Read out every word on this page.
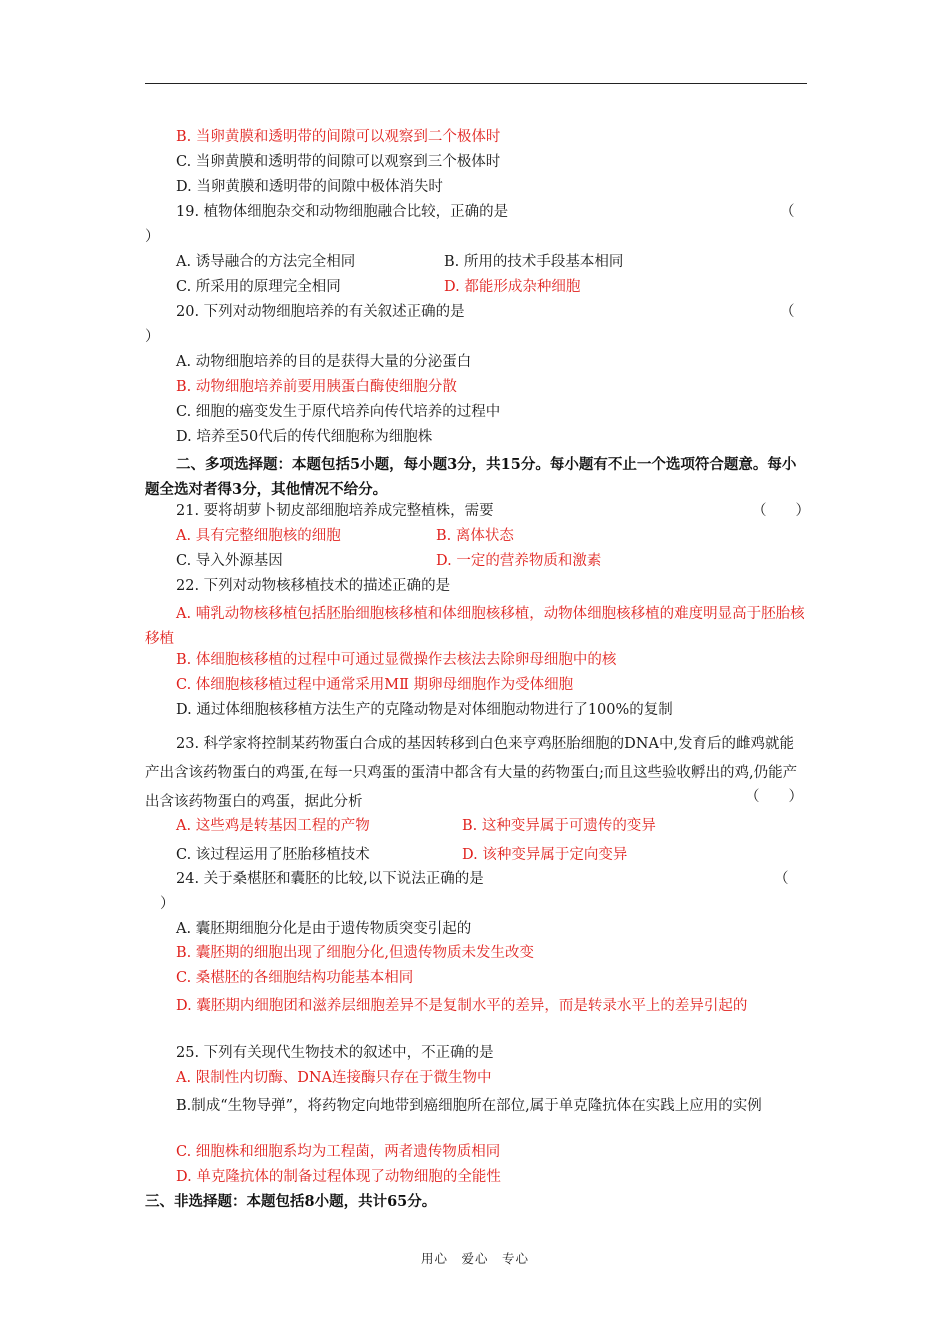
B. 当卵黄膜和透明带的间隙可以观察到二个极体时
C. 当卵黄膜和透明带的间隙可以观察到三个极体时
D. 当卵黄膜和透明带的间隙中极体消失时
19. 植物体细胞杂交和动物细胞融合比较，正确的是	（
）
A. 诱导融合的方法完全相同	B. 所用的技术手段基本相同
C. 所采用的原理完全相同	D. 都能形成杂种细胞
20. 下列对动物细胞培养的有关叙述正确的是	（
）
A. 动物细胞培养的目的是获得大量的分泌蛋白
B. 动物细胞培养前要用胰蛋白酶使细胞分散
C. 细胞的癌变发生于原代培养向传代培养的过程中
D. 培养至50代后的传代细胞称为细胞株
二、多项选择题：本题包括5小题，每小题3分，共15分。每小题有不止一个选项符合题意。每小题全选对者得3分，其他情况不给分。
21. 要将胡萝卜韧皮部细胞培养成完整植株，需要	（　　）
A. 具有完整细胞核的细胞	B. 离体状态
C. 导入外源基因	D. 一定的营养物质和激素
22. 下列对动物核移植技术的描述正确的是
A. 哺乳动物核移植包括胚胎细胞核移植和体细胞核移植，动物体细胞核移植的难度明显高于胚胎核移植
B. 体细胞核移植的过程中可通过显微操作去核法去除卵母细胞中的核
C. 体细胞核移植过程中通常采用MⅡ 期卵母细胞作为受体细胞
D. 通过体细胞核移植方法生产的克隆动物是对体细胞动物进行了100%的复制
23. 科学家将控制某药物蛋白合成的基因转移到白色来亨鸡胚胎细胞的DNA中,发育后的雌鸡就能产出含该药物蛋白的鸡蛋,在每一只鸡蛋的蛋清中都含有大量的药物蛋白;而且这些验收孵出的鸡,仍能产出含该药物蛋白的鸡蛋，据此分析	（　　）
A. 这些鸡是转基因工程的产物	B. 这种变异属于可遗传的变异
C. 该过程运用了胚胎移植技术	D. 该种变异属于定向变异
24. 关于桑椹胚和囊胚的比较,以下说法正确的是	（
）
A. 囊胚期细胞分化是由于遗传物质突变引起的
B. 囊胚期的细胞出现了细胞分化,但遗传物质未发生改变
C. 桑椹胚的各细胞结构功能基本相同
D. 囊胚期内细胞团和滋养层细胞差异不是复制水平的差异，而是转录水平上的差异引起的
25. 下列有关现代生物技术的叙述中，不正确的是
A. 限制性内切酶、DNA连接酶只存在于微生物中
B.制成“生物导弹”，将药物定向地带到癌细胞所在部位,属于单克隆抗体在实践上应用的实例
C. 细胞株和细胞系均为工程菌，两者遗传物质相同
D. 单克隆抗体的制备过程体现了动物细胞的全能性
三、非选择题：本题包括8小题，共计65分。
用心　爱心　专心
